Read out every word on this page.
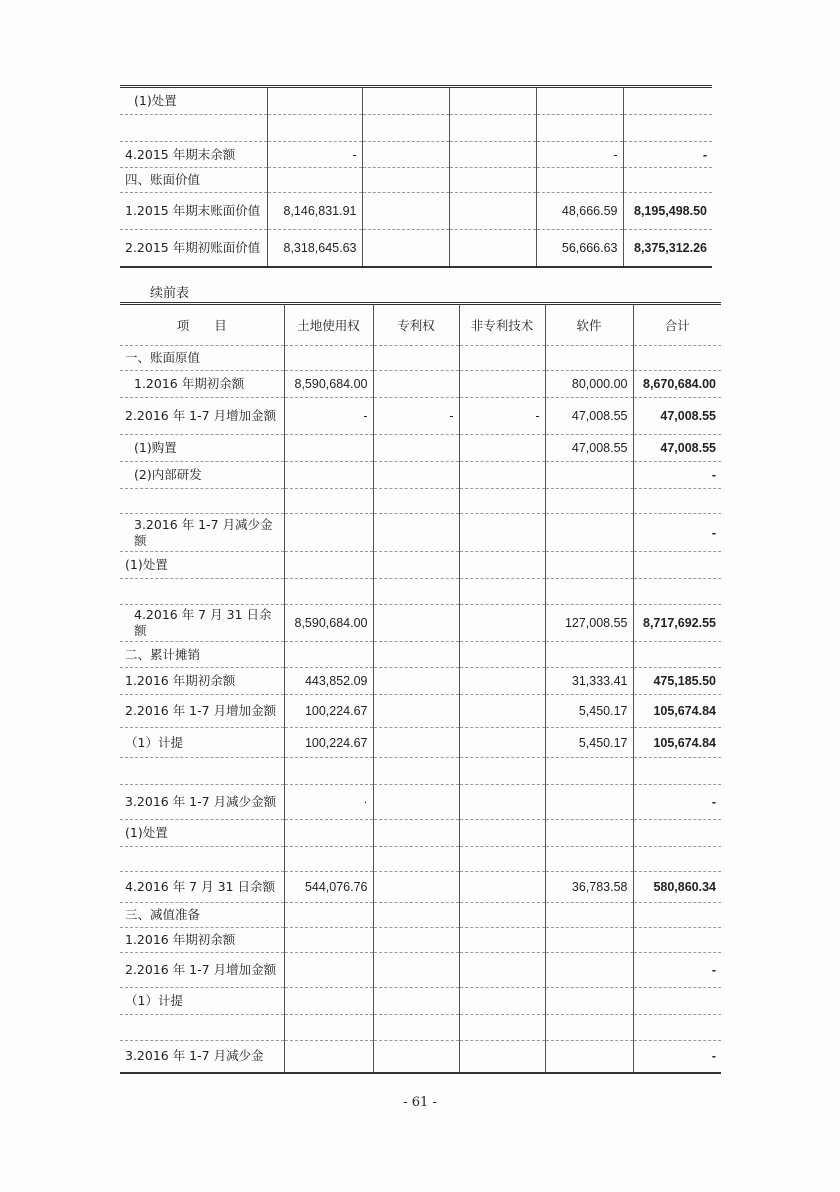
(1)处置					

4.2015 年期末余额	-			-	-
四、账面价值					
1.2015 年期末账面价值	8,146,831.91			48,666.59	8,195,498.50
2.2015 年期初账面价值	8,318,645.63			56,666.63	8,375,312.26
续前表
项　　目	土地使用权	专利权	非专利技术	软件	合计
一、账面原值					
1.2016 年期初余额	8,590,684.00			80,000.00	8,670,684.00
2.2016 年 1-7 月增加金额	-	-	-	47,008.55	47,008.55
(1)购置				47,008.55	47,008.55
(2)内部研发					-

3.2016 年 1-7 月减少金额					-
(1)处置					

4.2016 年 7 月 31 日余额	8,590,684.00			127,008.55	8,717,692.55
二、累计摊销					
1.2016 年期初余额	443,852.09			31,333.41	475,185.50
2.2016 年 1-7 月增加金额	100,224.67			5,450.17	105,674.84
（1）计提	100,224.67			5,450.17	105,674.84

3.2016 年 1-7 月减少金额	·				-
(1)处置					

4.2016 年 7 月 31 日余额	544,076.76			36,783.58	580,860.34
三、减值准备					
1.2016 年期初余额					
2.2016 年 1-7 月增加金额					-
（1）计提					

3.2016 年 1-7 月减少金					-
- 61 -
